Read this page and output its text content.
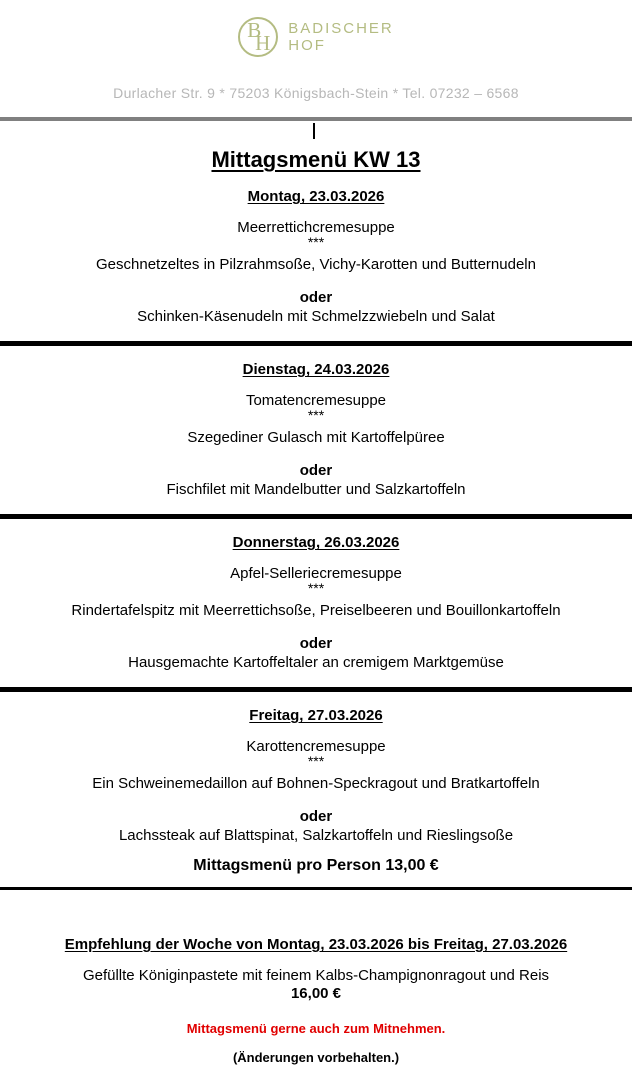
B
H
BADISCHER
HOF
Durlacher Str. 9 * 75203 Königsbach-Stein * Tel. 07232 – 6568
Mittagsmenü KW 13
Montag, 23.03.2026
Meerrettichcremesuppe
***
Geschnetzeltes in Pilzrahmsoße, Vichy-Karotten und Butternudeln
oder
Schinken-Käsenudeln mit Schmelzzwiebeln und Salat
Dienstag, 24.03.2026
Tomatencremesuppe
***
Szegediner Gulasch mit Kartoffelpüree
oder
Fischfilet mit Mandelbutter und Salzkartoffeln
Donnerstag, 26.03.2026
Apfel-Selleriecremesuppe
***
Rindertafelspitz mit Meerrettichsoße, Preiselbeeren und Bouillonkartoffeln
oder
Hausgemachte Kartoffeltaler an cremigem Marktgemüse
Freitag, 27.03.2026
Karottencremesuppe
***
Ein Schweinemedaillon auf Bohnen-Speckragout und Bratkartoffeln
oder
Lachssteak auf Blattspinat, Salzkartoffeln und Rieslingsoße
Mittagsmenü pro Person 13,00 €
Empfehlung der Woche von Montag, 23.03.2026 bis Freitag, 27.03.2026
Gefüllte Königinpastete mit feinem Kalbs-Champignonragout und Reis
16,00 €
Mittagsmenü gerne auch zum Mitnehmen.
(Änderungen vorbehalten.)
